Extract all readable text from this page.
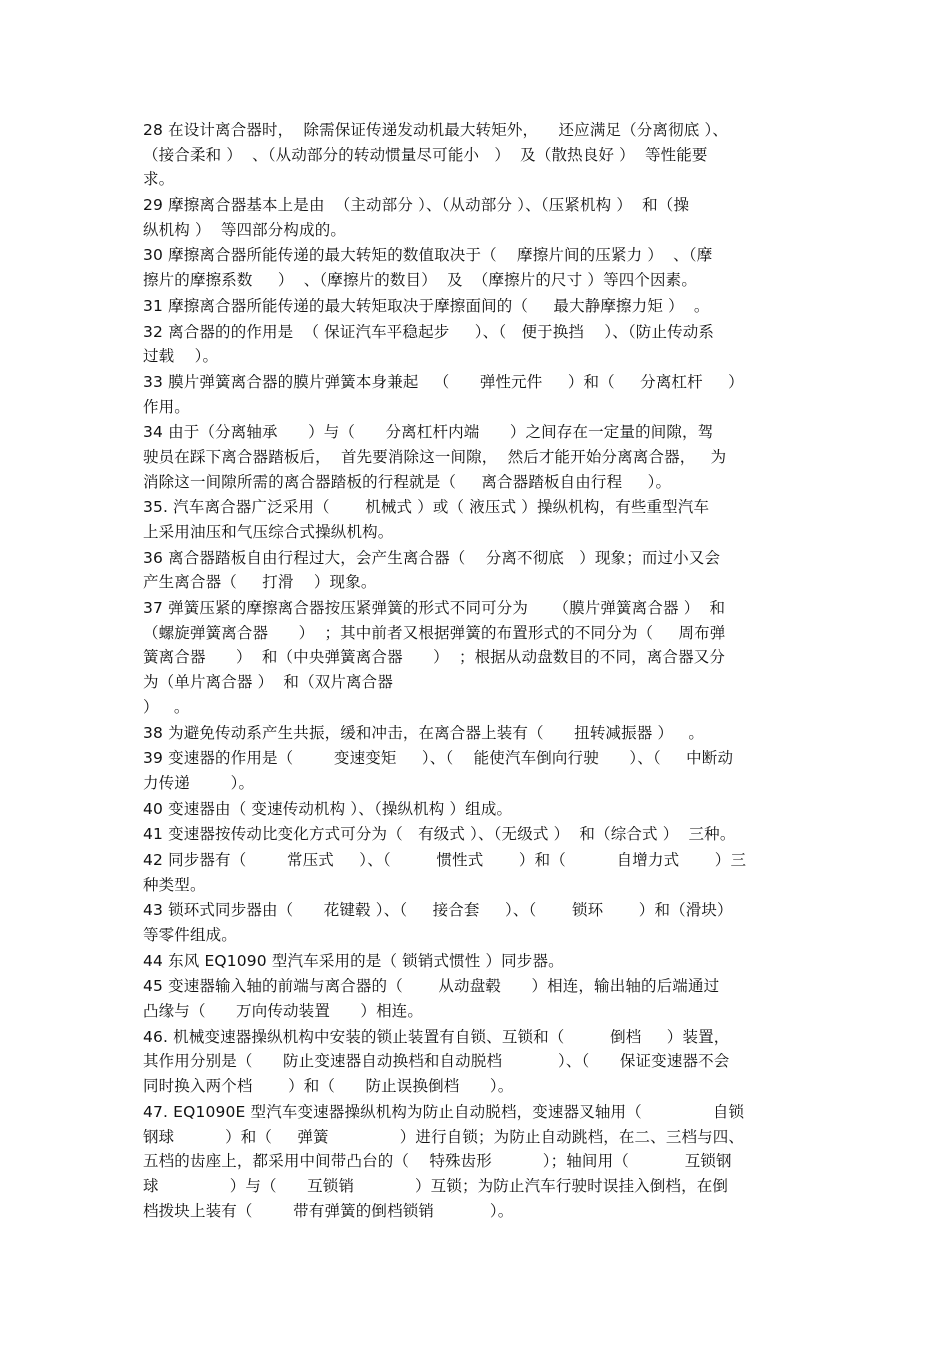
28 在设计离合器时，  除需保证传递发动机最大转矩外，    还应满足（分离彻底 ）、
（接合柔和 ）  、（从动部分的转动惯量尽可能小   ）  及（散热良好 ）  等性能要
求。
29 摩擦离合器基本上是由  （主动部分 ）、（从动部分 ）、（压紧机构 ）  和（操
纵机构 ）  等四部分构成的。
30 摩擦离合器所能传递的最大转矩的数值取决于（    摩擦片间的压紧力 ）  、（摩
擦片的摩擦系数     ）  、（摩擦片的数目）  及  （摩擦片的尺寸 ）等四个因素。
31 摩擦离合器所能传递的最大转矩取决于摩擦面间的（     最大静摩擦力矩 ）  。
32 离合器的的作用是  （ 保证汽车平稳起步     ）、（   便于换挡    ）、（防止传动系
过载    ）。
33 膜片弹簧离合器的膜片弹簧本身兼起   （      弹性元件     ）和（     分离杠杆     ）
作用。
34 由于（分离轴承      ）与（      分离杠杆内端      ）之间存在一定量的间隙，驾
驶员在踩下离合器踏板后，  首先要消除这一间隙，  然后才能开始分离离合器，   为
消除这一间隙所需的离合器踏板的行程就是（     离合器踏板自由行程     ）。
35. 汽车离合器广泛采用（       机械式 ）或（ 液压式 ）操纵机构，有些重型汽车
上采用油压和气压综合式操纵机构。
36 离合器踏板自由行程过大，会产生离合器（    分离不彻底   ）现象；而过小又会
产生离合器（     打滑    ）现象。
37 弹簧压紧的摩擦离合器按压紧弹簧的形式不同可分为     （膜片弹簧离合器 ）  和
（螺旋弹簧离合器      ）  ；其中前者又根据弹簧的布置形式的不同分为（     周布弹
簧离合器      ）  和（中央弹簧离合器      ）  ；根据从动盘数目的不同，离合器又分
为（单片离合器 ）  和（双片离合器
）   。
38 为避免传动系产生共振，缓和冲击，在离合器上装有（      扭转减振器 ）   。
39 变速器的作用是（        变速变矩     ）、（    能使汽车倒向行驶      ）、（     中断动
力传递        ）。
40 变速器由（ 变速传动机构 ）、（操纵机构 ）组成。
41 变速器按传动比变化方式可分为（   有级式 ）、（无级式 ）  和（综合式 ）  三种。
42 同步器有（        常压式     ）、（         惯性式       ）和（          自增力式       ）三
种类型。
43 锁环式同步器由（      花键毂 ）、（     接合套     ）、（       锁环       ）和（滑块）
等零件组成。
44 东风 EQ1090 型汽车采用的是（ 锁销式惯性 ）同步器。
45 变速器输入轴的前端与离合器的（       从动盘毂      ）相连，输出轴的后端通过
凸缘与（      万向传动装置      ）相连。
46. 机械变速器操纵机构中安装的锁止装置有自锁、互锁和（         倒档     ）装置，
其作用分别是（      防止变速器自动换档和自动脱档           ）、（      保证变速器不会
同时换入两个档       ）和（      防止误换倒档      ）。
47. EQ1090E 型汽车变速器操纵机构为防止自动脱档，变速器叉轴用（              自锁
钢球          ）和（     弹簧              ）进行自锁；为防止自动跳档，在二、三档与四、
五档的齿座上，都采用中间带凸台的（    特殊齿形          ）；轴间用（           互锁钢
球              ）与（      互锁销            ）互锁；为防止汽车行驶时误挂入倒档，在倒
档拨块上装有（        带有弹簧的倒档锁销           ）。
